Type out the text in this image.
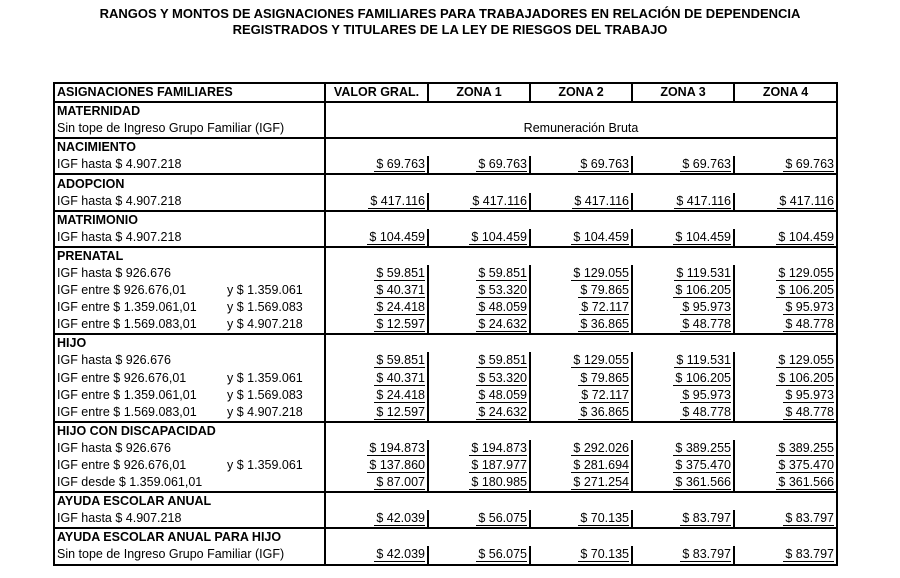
RANGOS Y MONTOS DE ASIGNACIONES FAMILIARES PARA TRABAJADORES EN RELACIÓN DE DEPENDENCIA
REGISTRADOS Y TITULARES DE LA LEY DE RIESGOS DEL TRABAJO
ASIGNACIONES FAMILIARES	VALOR GRAL.	ZONA 1	ZONA 2	ZONA 3	ZONA 4
MATERNIDAD					
Sin tope de Ingreso Grupo Familiar (IGF)	Remuneración Bruta				
NACIMIENTO					
IGF hasta $ 4.907.218	$ 69.763	$ 69.763	$ 69.763	$ 69.763	$ 69.763
ADOPCION					
IGF hasta $ 4.907.218	$ 417.116	$ 417.116	$ 417.116	$ 417.116	$ 417.116
MATRIMONIO					
IGF hasta $ 4.907.218	$ 104.459	$ 104.459	$ 104.459	$ 104.459	$ 104.459
PRENATAL					
IGF hasta $ 926.676	$ 59.851	$ 59.851	$ 129.055	$ 119.531	$ 129.055
IGF entre $ 926.676,01 y $ 1.359.061	$ 40.371	$ 53.320	$ 79.865	$ 106.205	$ 106.205
IGF entre $ 1.359.061,01 y $ 1.569.083	$ 24.418	$ 48.059	$ 72.117	$ 95.973	$ 95.973
IGF entre $ 1.569.083,01 y $ 4.907.218	$ 12.597	$ 24.632	$ 36.865	$ 48.778	$ 48.778
HIJO					
IGF hasta $ 926.676	$ 59.851	$ 59.851	$ 129.055	$ 119.531	$ 129.055
IGF entre $ 926.676,01 y $ 1.359.061	$ 40.371	$ 53.320	$ 79.865	$ 106.205	$ 106.205
IGF entre $ 1.359.061,01 y $ 1.569.083	$ 24.418	$ 48.059	$ 72.117	$ 95.973	$ 95.973
IGF entre $ 1.569.083,01 y $ 4.907.218	$ 12.597	$ 24.632	$ 36.865	$ 48.778	$ 48.778
HIJO CON DISCAPACIDAD					
IGF hasta $ 926.676	$ 194.873	$ 194.873	$ 292.026	$ 389.255	$ 389.255
IGF entre $ 926.676,01 y $ 1.359.061	$ 137.860	$ 187.977	$ 281.694	$ 375.470	$ 375.470
IGF desde $ 1.359.061,01	$ 87.007	$ 180.985	$ 271.254	$ 361.566	$ 361.566
AYUDA ESCOLAR ANUAL					
IGF hasta $ 4.907.218	$ 42.039	$ 56.075	$ 70.135	$ 83.797	$ 83.797
AYUDA ESCOLAR ANUAL PARA HIJO					
Sin tope de Ingreso Grupo Familiar (IGF)	$ 42.039	$ 56.075	$ 70.135	$ 83.797	$ 83.797
